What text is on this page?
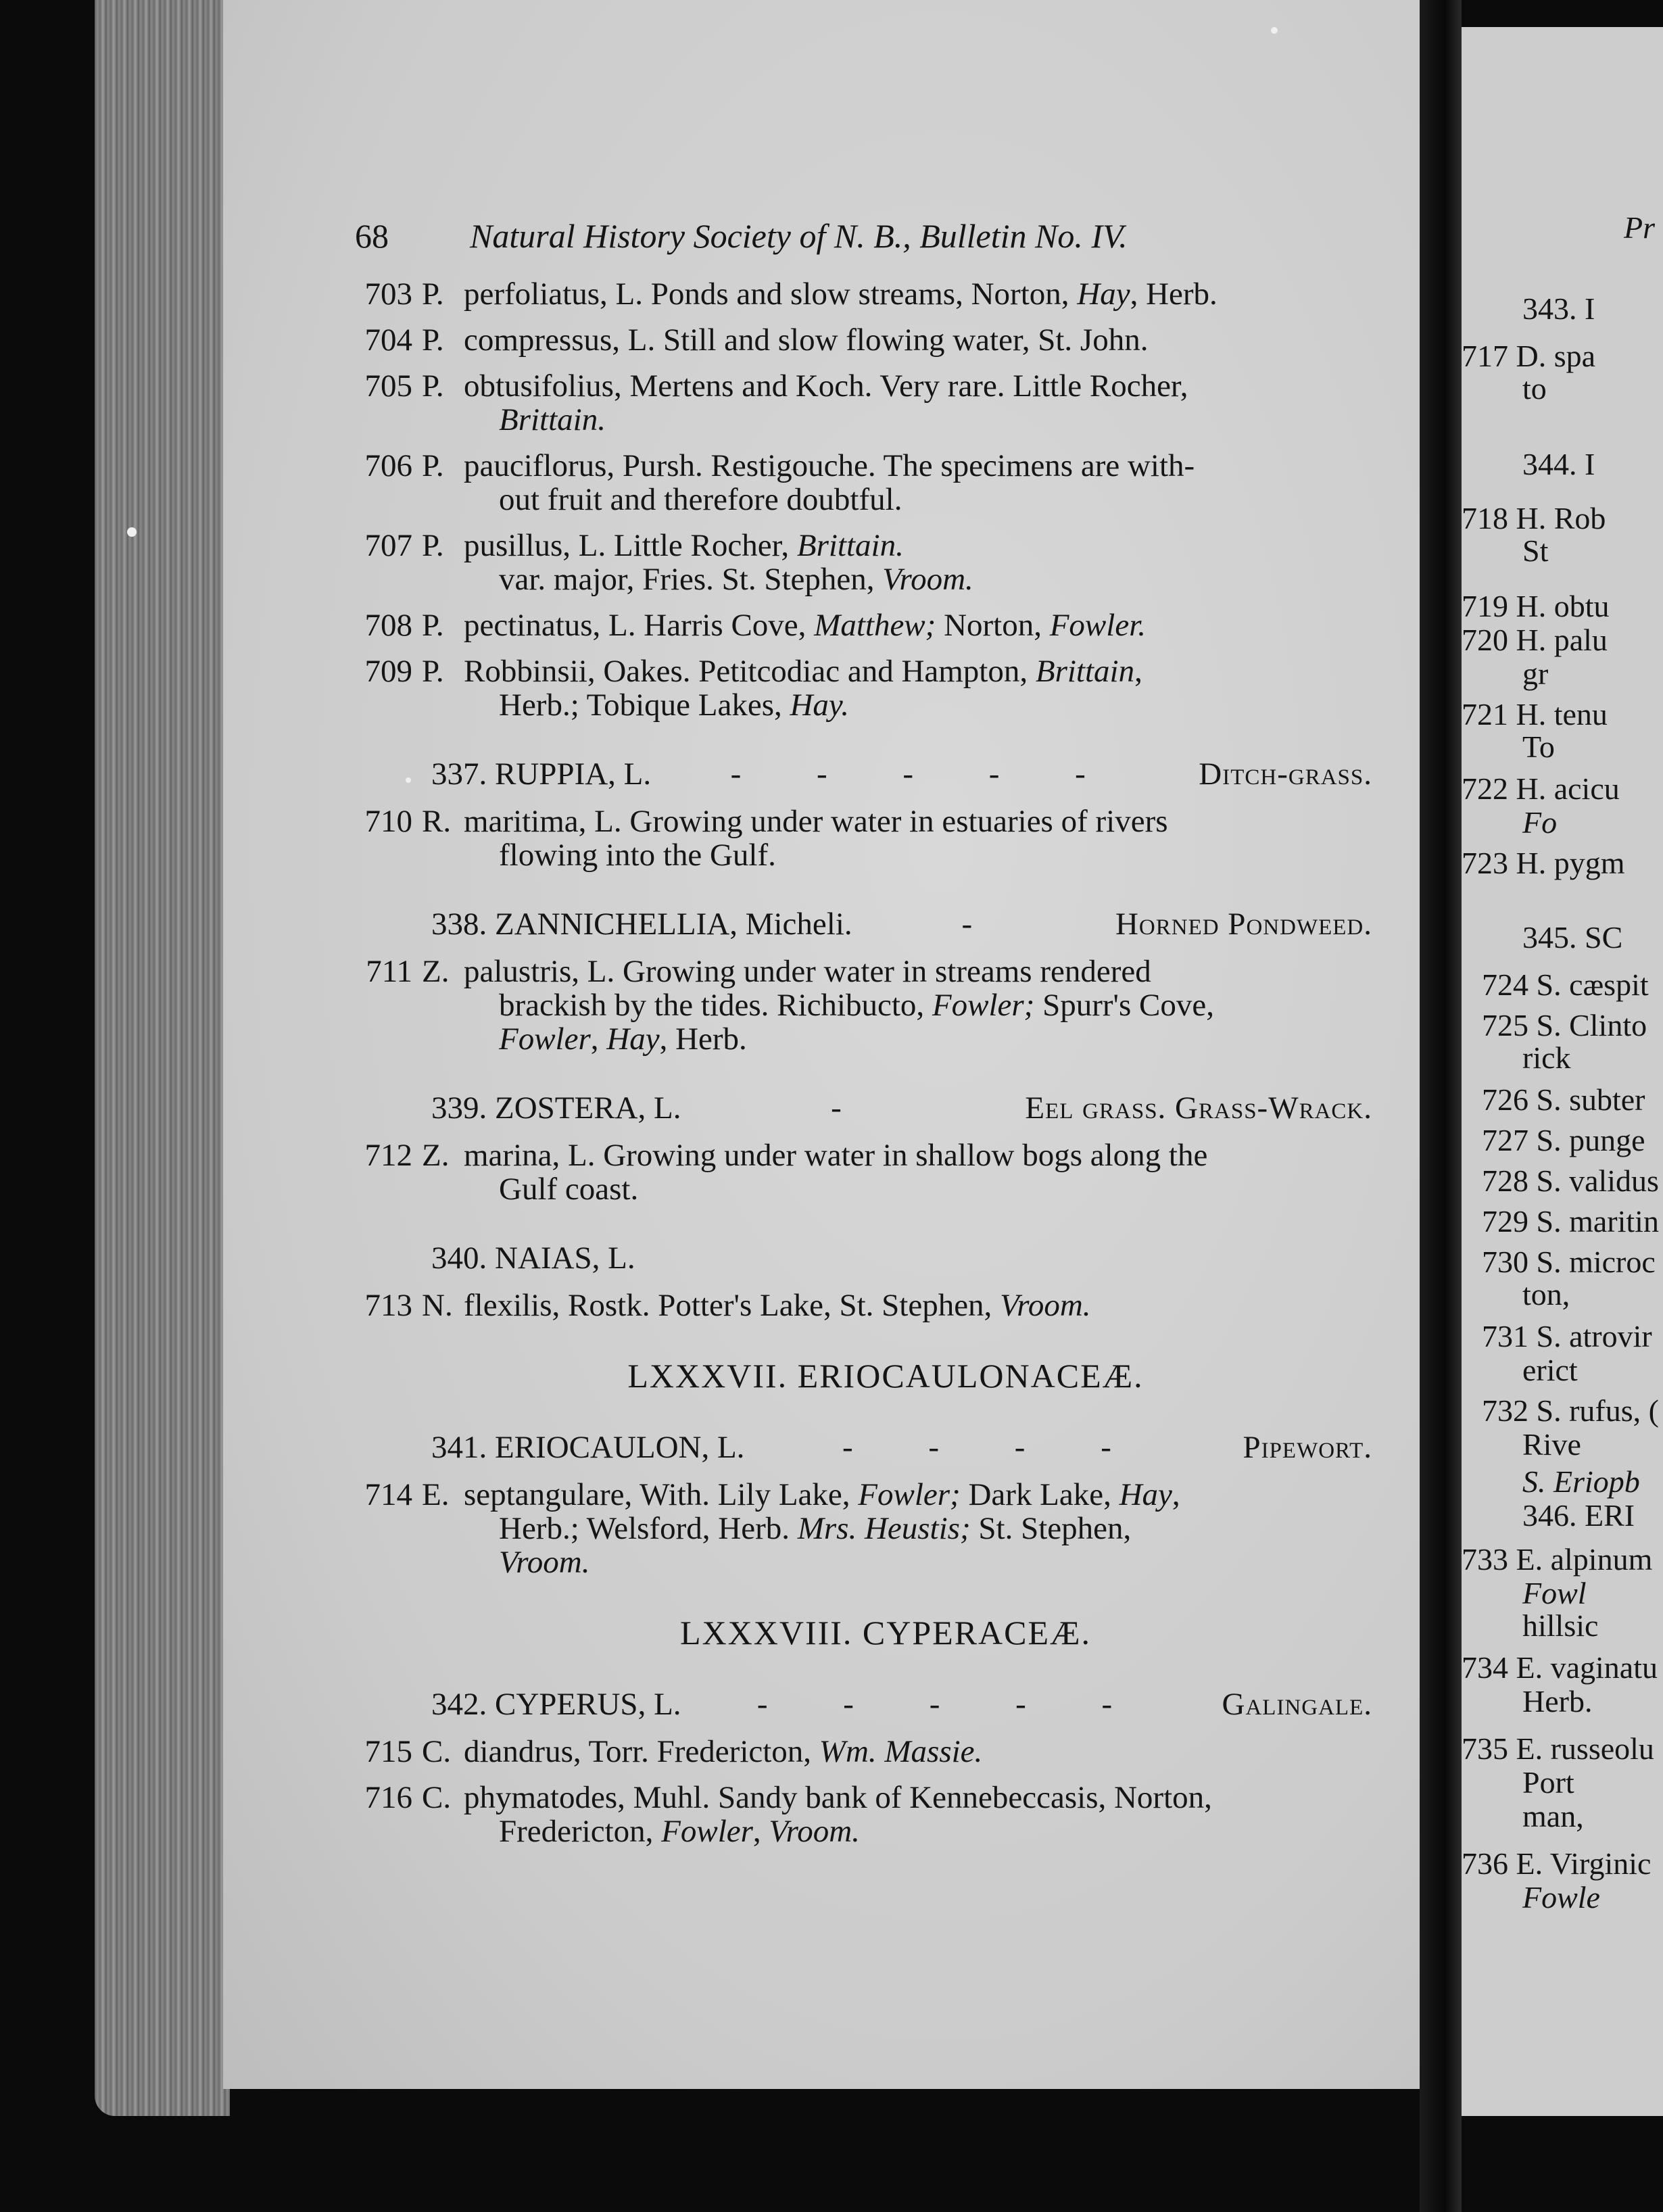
Pr
343. I
717 D. spa
to
344. I
718 H. Rob
St
719 H. obtu
720 H. palu
gr
721 H. tenu
To
722 H. acicu
Fo
723 H. pygm
345. SC
724 S. cæspit
725 S. Clinto
rick
726 S. subter
727 S. punge
728 S. validus
729 S. maritin
730 S. microc
ton,
731 S. atrovir
erict
732 S. rufus, (
Rive
S. Eriopb
346. ERI
733 E. alpinum
Fowl
hillsic
734 E. vaginatu
Herb.
735 E. russeolu
Port
man,
736 E. Virginic
Fowle
68	Natural History Society of N. B., Bulletin No. IV.
703 P. perfoliatus, L. Ponds and slow streams, Norton, Hay, Herb.
704 P. compressus, L. Still and slow flowing water, St. John.
705 P. obtusifolius, Mertens and Koch. Very rare. Little Rocher,
Brittain.
706 P. pauciflorus, Pursh. Restigouche. The specimens are with-
out fruit and therefore doubtful.
707 P. pusillus, L. Little Rocher, Brittain.
var. major, Fries. St. Stephen, Vroom.
708 P. pectinatus, L. Harris Cove, Matthew; Norton, Fowler.
709 P. Robbinsii, Oakes. Petitcodiac and Hampton, Brittain,
Herb.; Tobique Lakes, Hay.
337. RUPPIA, L.	- - - - -	Ditch-grass.
710 R. maritima, L. Growing under water in estuaries of rivers
flowing into the Gulf.
338. ZANNICHELLIA, Micheli.	-	Horned Pondweed.
711 Z. palustris, L. Growing under water in streams rendered
brackish by the tides. Richibucto, Fowler; Spurr's Cove,
Fowler, Hay, Herb.
339. ZOSTERA, L.	-	Eel grass. Grass-Wrack.
712 Z. marina, L. Growing under water in shallow bogs along the
Gulf coast.
340. NAIAS, L.
713 N. flexilis, Rostk. Potter's Lake, St. Stephen, Vroom.
LXXXVII. ERIOCAULONACEÆ.
341. ERIOCAULON, L.	- - - -	Pipewort.
714 E. septangulare, With. Lily Lake, Fowler; Dark Lake, Hay,
Herb.; Welsford, Herb. Mrs. Heustis; St. Stephen,
Vroom.
LXXXVIII. CYPERACEÆ.
342. CYPERUS, L.	- - - - -	Galingale.
715 C. diandrus, Torr. Fredericton, Wm. Massie.
716 C. phymatodes, Muhl. Sandy bank of Kennebeccasis, Norton,
Fredericton, Fowler, Vroom.
